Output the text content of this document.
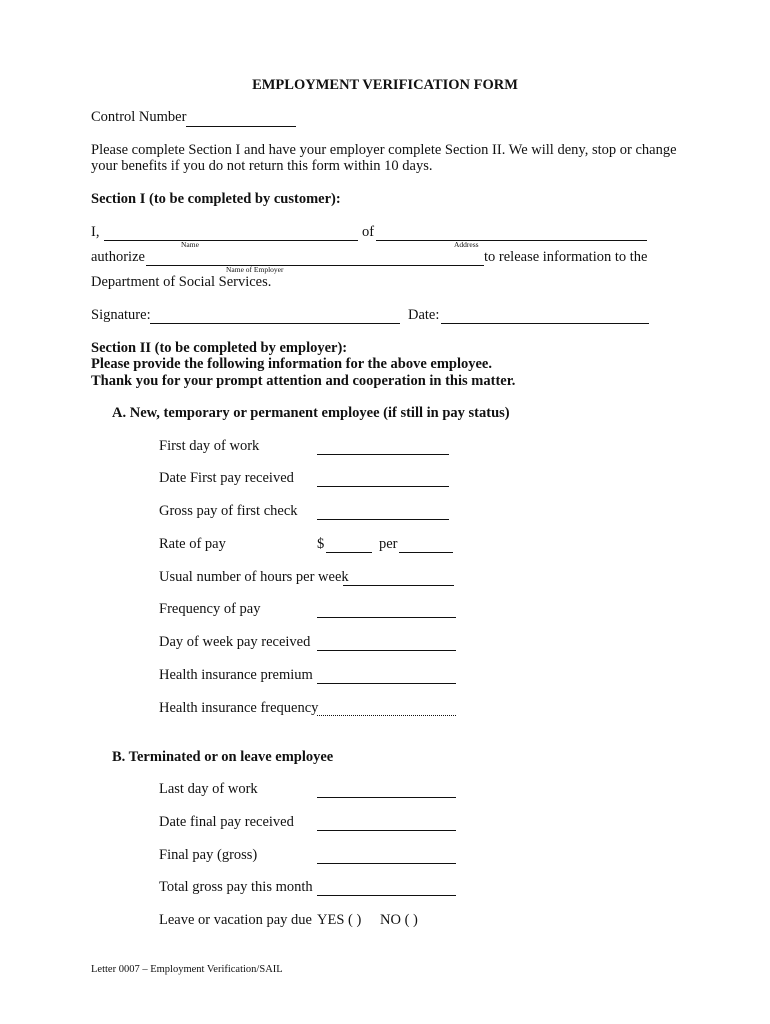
EMPLOYMENT VERIFICATION FORM
Control Number
Please complete Section I and have your employer complete Section II. We will deny, stop or change
your benefits if you do not return this form within 10 days.
Section I (to be completed by customer):
I,	of
Name	Address
authorize	to release information to the
Name of Employer
Department of Social Services.
Signature:	Date:
Section II (to be completed by employer):
Please provide the following information for the above employee.
Thank you for your prompt attention and cooperation in this matter.
A. New, temporary or permanent employee (if still in pay status)
First day of work
Date First pay received
Gross pay of first check
Rate of pay	$	per
Usual number of hours per week
Frequency of pay
Day of week pay received
Health insurance premium
Health insurance frequency
B. Terminated or on leave employee
Last day of work
Date final pay received
Final pay (gross)
Total gross pay this month
Leave or vacation pay due YES ( ) NO ( )
Letter 0007 – Employment Verification/SAIL
